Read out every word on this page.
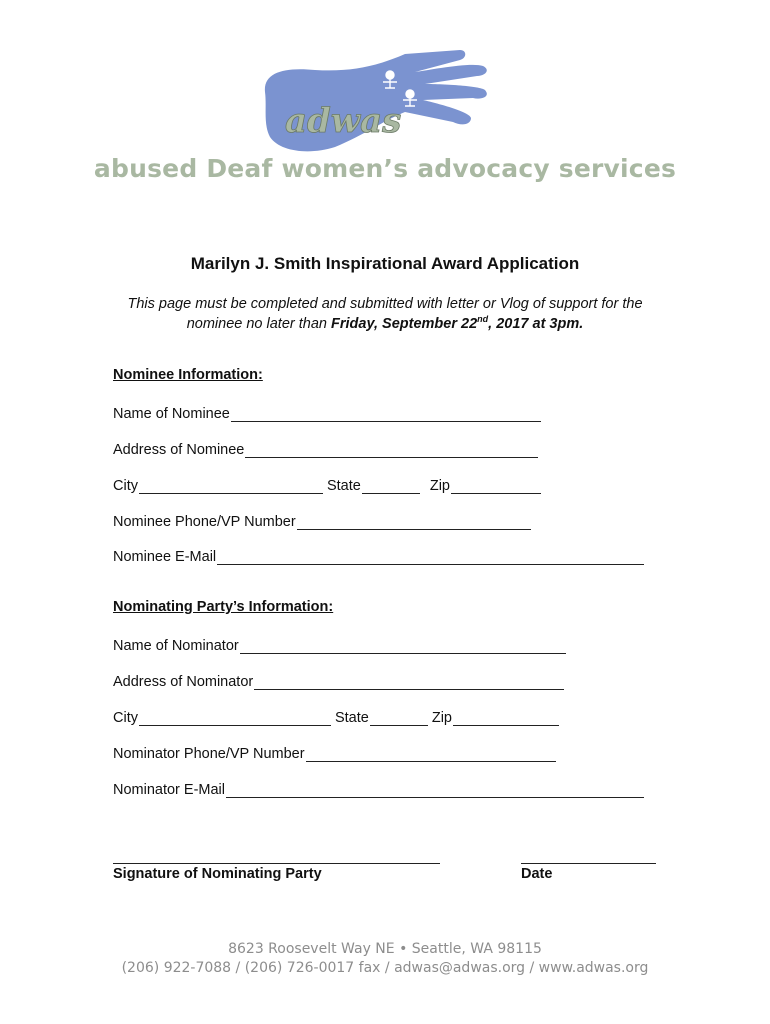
adwas
abused Deaf women’s advocacy services
Marilyn J. Smith Inspirational Award Application
This page must be completed and submitted with letter or Vlog of support for the
nominee no later than Friday, September 22nd, 2017 at 3pm.
Nominee Information:
Name of Nominee
Address of Nominee
City	State	Zip
Nominee Phone/VP Number
Nominee E-Mail
Nominating Party’s Information:
Name of Nominator
Address of Nominator
City	State	Zip
Nominator Phone/VP Number
Nominator E-Mail
Signature of Nominating Party	Date
8623 Roosevelt Way NE • Seattle, WA 98115
(206) 922-7088 / (206) 726-0017 fax / adwas@adwas.org / www.adwas.org
